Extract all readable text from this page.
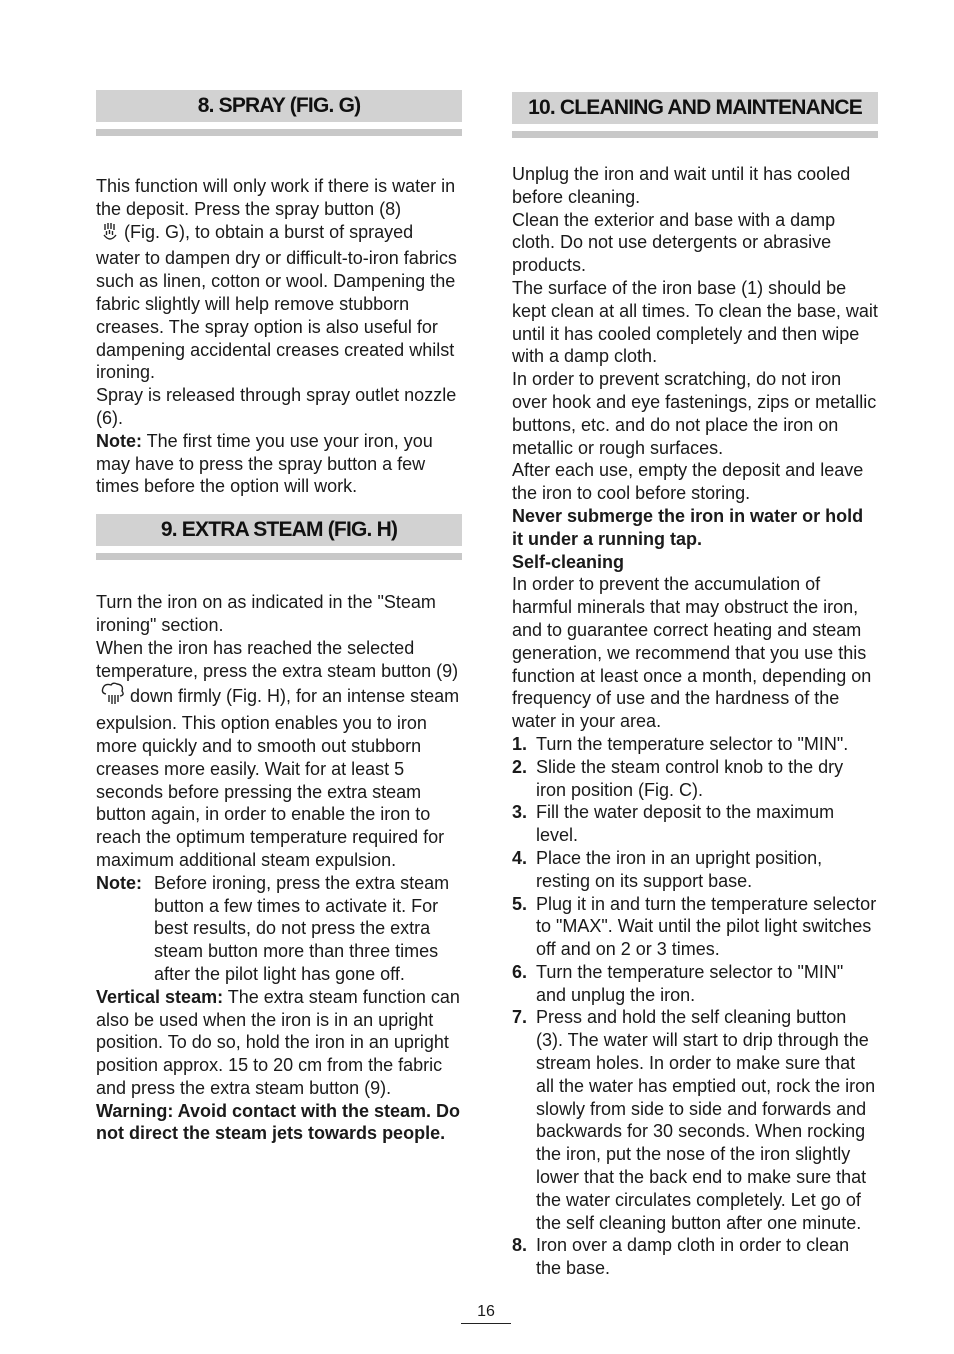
8. SPRAY (FIG. G)

This function will only work if there is water in the deposit. Press the spray button (8)
(Fig. G), to obtain a burst of sprayed water to dampen dry or difficult-to-iron fabrics such as linen, cotton or wool. Dampening the fabric slightly will help remove stubborn creases. The spray option is also useful for dampening accidental creases created whilst ironing.

Spray is released through spray outlet nozzle (6).

Note: The first time you use your iron, you may have to press the spray button a few times before the option will work.

9. EXTRA STEAM (FIG. H)

Turn the iron on as indicated in the "Steam ironing" section.

When the iron has reached the selected temperature, press the extra steam button (9)down firmly (Fig. H), for an intense steam expulsion. This option enables you to iron more quickly and to smooth out stubborn creases more easily. Wait for at least 5 seconds before pressing the extra steam button again, in order to enable the iron to reach the optimum temperature required for maximum additional steam expulsion.

Note: Before ironing, press the extra steam button a few times to activate it. For best results, do not press the extra steam button more than three times after the pilot light has gone off.

Vertical steam: The extra steam function can also be used when the iron is in an upright position. To do so, hold the iron in an upright position approx. 15 to 20 cm from the fabric and press the extra steam button (9).

Warning: Avoid contact with the steam. Do not direct the steam jets towards people.

10. CLEANING AND MAINTENANCE

Unplug the iron and wait until it has cooled before cleaning.

Clean the exterior and base with a damp cloth. Do not use detergents or abrasive products.

The surface of the iron base (1) should be kept clean at all times. To clean the base, wait until it has cooled completely and then wipe with a damp cloth.

In order to prevent scratching, do not iron over hook and eye fastenings, zips or metallic buttons, etc. and do not place the iron on metallic or rough surfaces.

After each use, empty the deposit and leave the iron to cool before storing.

Never submerge the iron in water or hold it under a running tap.

Self-cleaning

In order to prevent the accumulation of harmful minerals that may obstruct the iron, and to guarantee correct heating and steam generation, we recommend that you use this function at least once a month, depending on frequency of use and the hardness of the water in your area.

1. Turn the temperature selector to "MIN".
2. Slide the steam control knob to the dry iron position (Fig. C).
3. Fill the water deposit to the maximum level.
4. Place the iron in an upright position, resting on its support base.
5. Plug it in and turn the temperature selector to "MAX". Wait until the pilot light switches off and on 2 or 3 times.
6. Turn the temperature selector to "MIN" and unplug the iron.
7. Press and hold the self cleaning button (3). The water will start to drip through the stream holes. In order to make sure that all the water has emptied out, rock the iron slowly from side to side and forwards and backwards for 30 seconds. When rocking the iron, put the nose of the iron slightly lower that the back end to make sure that the water circulates completely. Let go of the self cleaning button after one minute.
8. Iron over a damp cloth in order to clean the base.
16
